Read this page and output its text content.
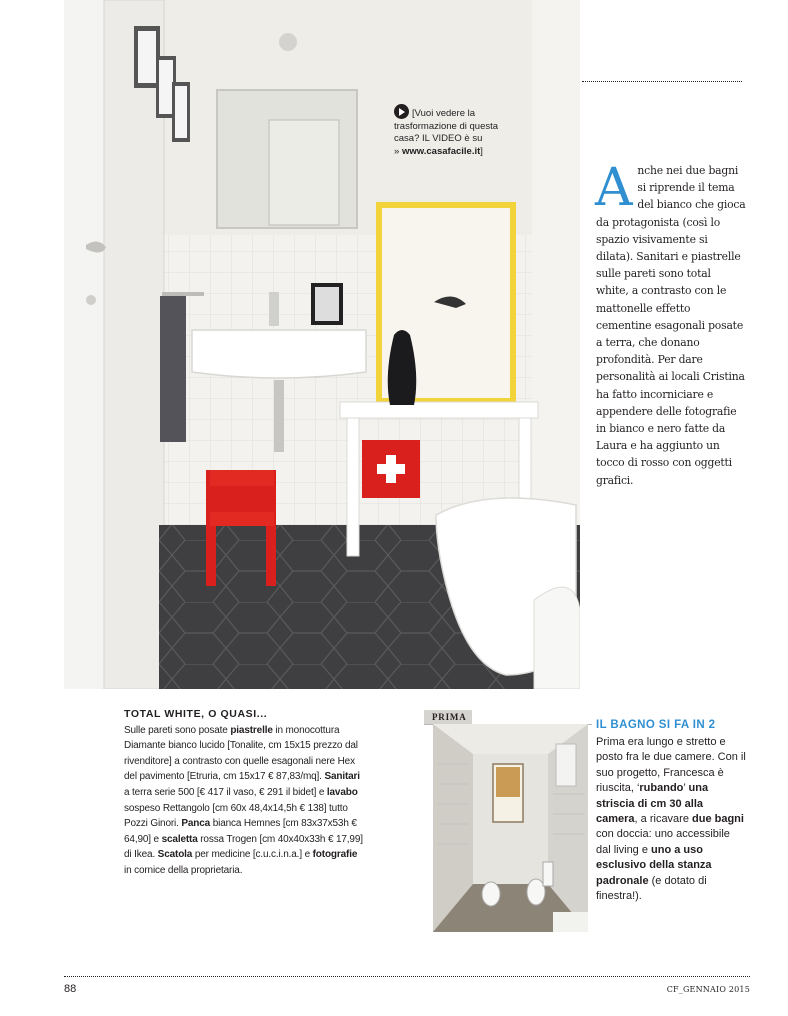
[Vuoi vedere la
trasformazione di questa
casa? IL VIDEO è su
» www.casafacile.it]
Anche nei due bagni si riprende il tema del bianco che gioca da protagonista (così lo spazio visivamente si dilata). Sanitari e piastrelle sulle pareti sono total white, a contrasto con le mattonelle effetto cementine esagonali posate a terra, che donano profondità. Per dare personalità ai locali Cristina ha fatto incorniciare e appendere delle fotografie in bianco e nero fatte da Laura e ha aggiunto un tocco di rosso con oggetti grafici.
TOTAL WHITE, O QUASI...
Sulle pareti sono posate piastrelle in monocottura Diamante bianco lucido [Tonalite, cm 15x15 prezzo dal rivenditore] a contrasto con quelle esagonali nere Hex del pavimento [Etruria, cm 15x17 € 87,83/mq]. Sanitari a terra serie 500 [€ 417 il vaso, € 291 il bidet] e lavabo sospeso Rettangolo [cm 60x 48,4x14,5h € 138] tutto Pozzi Ginori. Panca bianca Hemnes [cm 83x37x53h € 64,90] e scaletta rossa Trogen [cm 40x40x33h € 17,99] di Ikea. Scatola per medicine [c.u.c.i.n.a.] e fotografie in cornice della proprietaria.
PRIMA
IL BAGNO SI FA IN 2
Prima era lungo e stretto e posto fra le due camere. Con il suo progetto, Francesca è riuscita, ‘rubando’ una striscia di cm 30 alla camera, a ricavare due bagni con doccia: uno accessibile dal living e uno a uso esclusivo della stanza padronale (e dotato di finestra!).
88	CF_GENNAIO 2015
